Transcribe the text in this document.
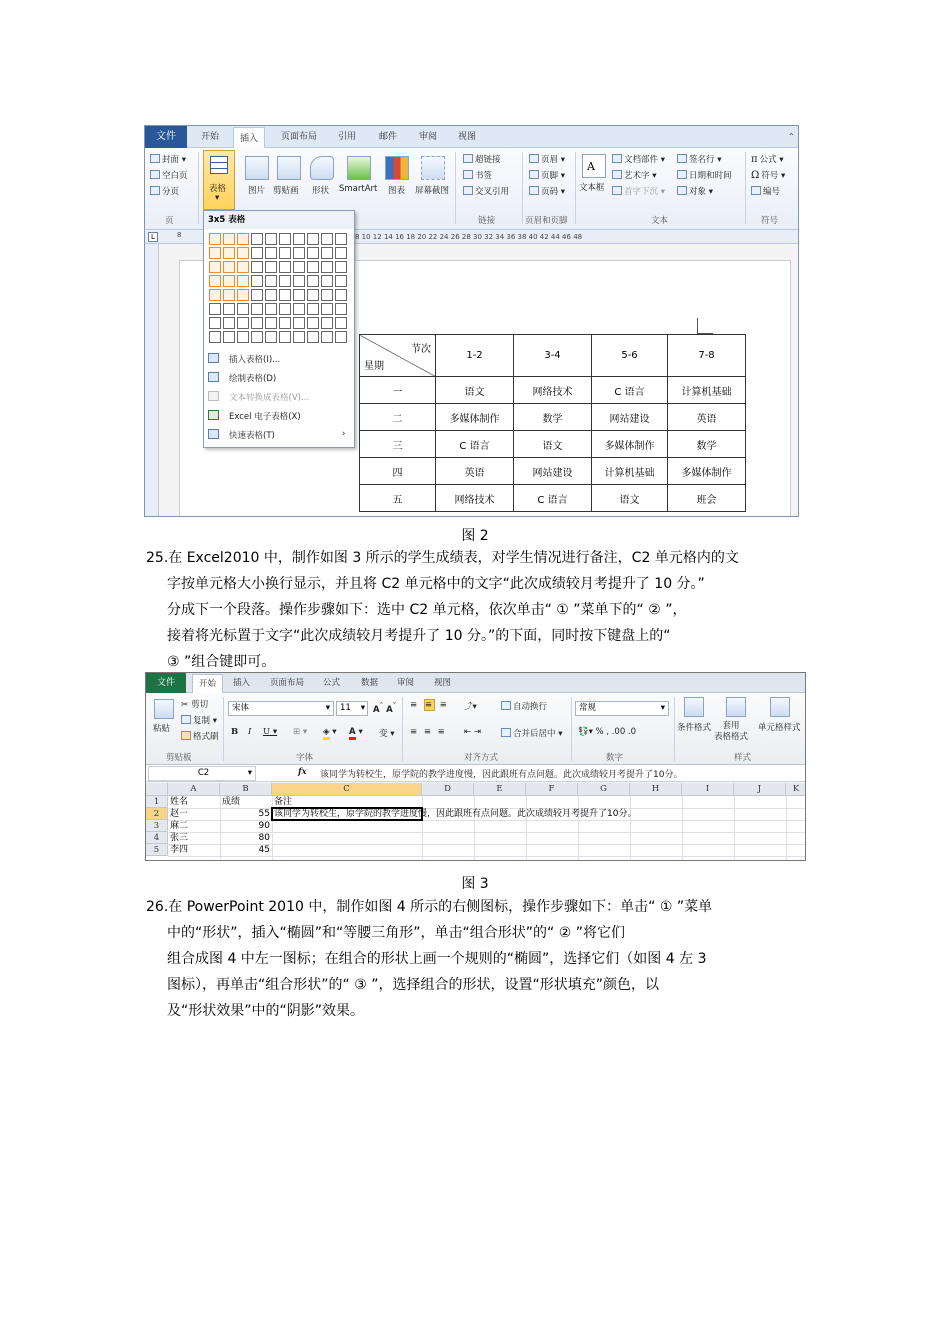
文件	开始	插入	页面布局 引用	邮件 审阅 视图	⌃
封面 ▾
空白页
分页
页
表格
▾
图片 剪贴画 形状 SmartArt 图表 屏幕截图
超链接
书签
交叉引用
链接
页眉 ▾
页脚 ▾
页码 ▾
页眉和页脚
A
文本框
文档部件 ▾
艺术字 ▾
首字下沉 ▾
签名行 ▾
日期和时间
对象 ▾
文本
π 公式 ▾
Ω 符号 ▾
编号
符号
L	8	8 10 12 14 16 18 20 22 24 26 28 30 32 34 36 38 40 42 44 46 48
节次
星期	1-2	3-4	5-6	7-8
一	语文	网络技术	C 语言	计算机基础
二	多媒体制作	数学	网站建设	英语
三	C 语言	语文	多媒体制作	数学
四	英语	网站建设	计算机基础	多媒体制作
五	网络技术	C 语言	语文	班会
3x5 表格
插入表格(I)...
绘制表格(D)
文本转换成表格(V)...
Excel 电子表格(X)
快速表格(T)	›
图 2
25.在 Excel2010 中，制作如图 3 所示的学生成绩表，对学生情况进行备注，C2 单元格内的文
字按单元格大小换行显示，并且将 C2 单元格中的文字“此次成绩较月考提升了 10 分。”
分成下一个段落。操作步骤如下：选中 C2 单元格，依次单击“ ① ”菜单下的“ ② ”，
接着将光标置于文字“此次成绩较月考提升了 10 分。”的下面，同时按下键盘上的“
③ ”组合键即可。
文件	开始	插入 页面布局 公式 数据 审阅 视图
粘贴
✂ 剪切
复制 ▾
格式刷
剪贴板
宋体	▾	11 ▾ $A^ˆ$ $A^ˇ$
B I U ▾ ⊞ ▾ ◈ ▾ A ▾ 变 ▾
字体
≡ ≡ ≡ ⤴▾
≡ ≡ ≡ ⇤ ⇥
自动换行
合并后居中 ▾
对齐方式
常规	▾
💱▾ % , .00 .0
数字
条件格式	套用
表格格式
单元格样式
样式
C2	▾	fx 该同学为转校生，原学院的教学进度慢，因此跟班有点问题。此次成绩较月考提升了10分。
A	B	C	D	E	F	G	H	I	J	K
1
2
3
4
5
姓名	成绩	备注
赵一	55 该同学为转校生，原学院的教学进度慢，因此跟班有点问题。此次成绩较月考提升了10分。
麻二	90
张三	80
李四	45
图 3
26.在 PowerPoint 2010 中，制作如图 4 所示的右侧图标，操作步骤如下：单击“ ① ”菜单
中的“形状”，插入“椭圆”和“等腰三角形”，单击“组合形状”的“ ② ”将它们
组合成图 4 中左一图标；在组合的形状上画一个规则的“椭圆”，选择它们（如图 4 左 3
图标），再单击“组合形状”的“ ③ ”，选择组合的形状，设置“形状填充”颜色，以
及“形状效果”中的“阴影”效果。
